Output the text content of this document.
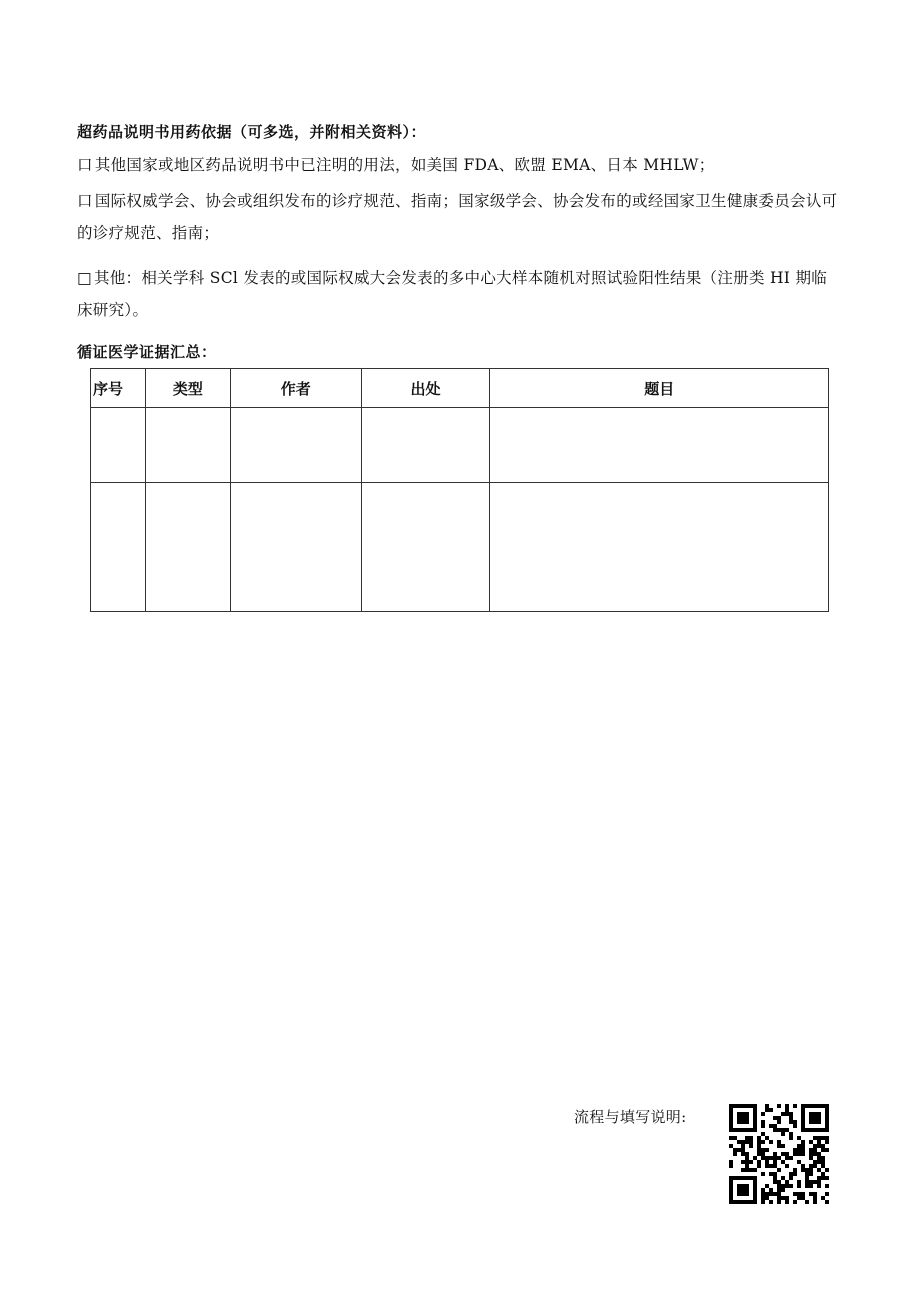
超药品说明书用药依据（可多选，并附相关资料）：
口 其他国家或地区药品说明书中已注明的用法，如美国 FDA、欧盟 EMA、日本 MHLW；
口 国际权威学会、协会或组织发布的诊疗规范、指南；国家级学会、协会发布的或经国家卫生健康委员会认可的诊疗规范、指南；
□ 其他：相关学科 SCl 发表的或国际权威大会发表的多中心大样本随机对照试验阳性结果（注册类 HI 期临床研究）。
循证医学证据汇总：
序号	类型	作者	出处	题目

流程与填写说明:
